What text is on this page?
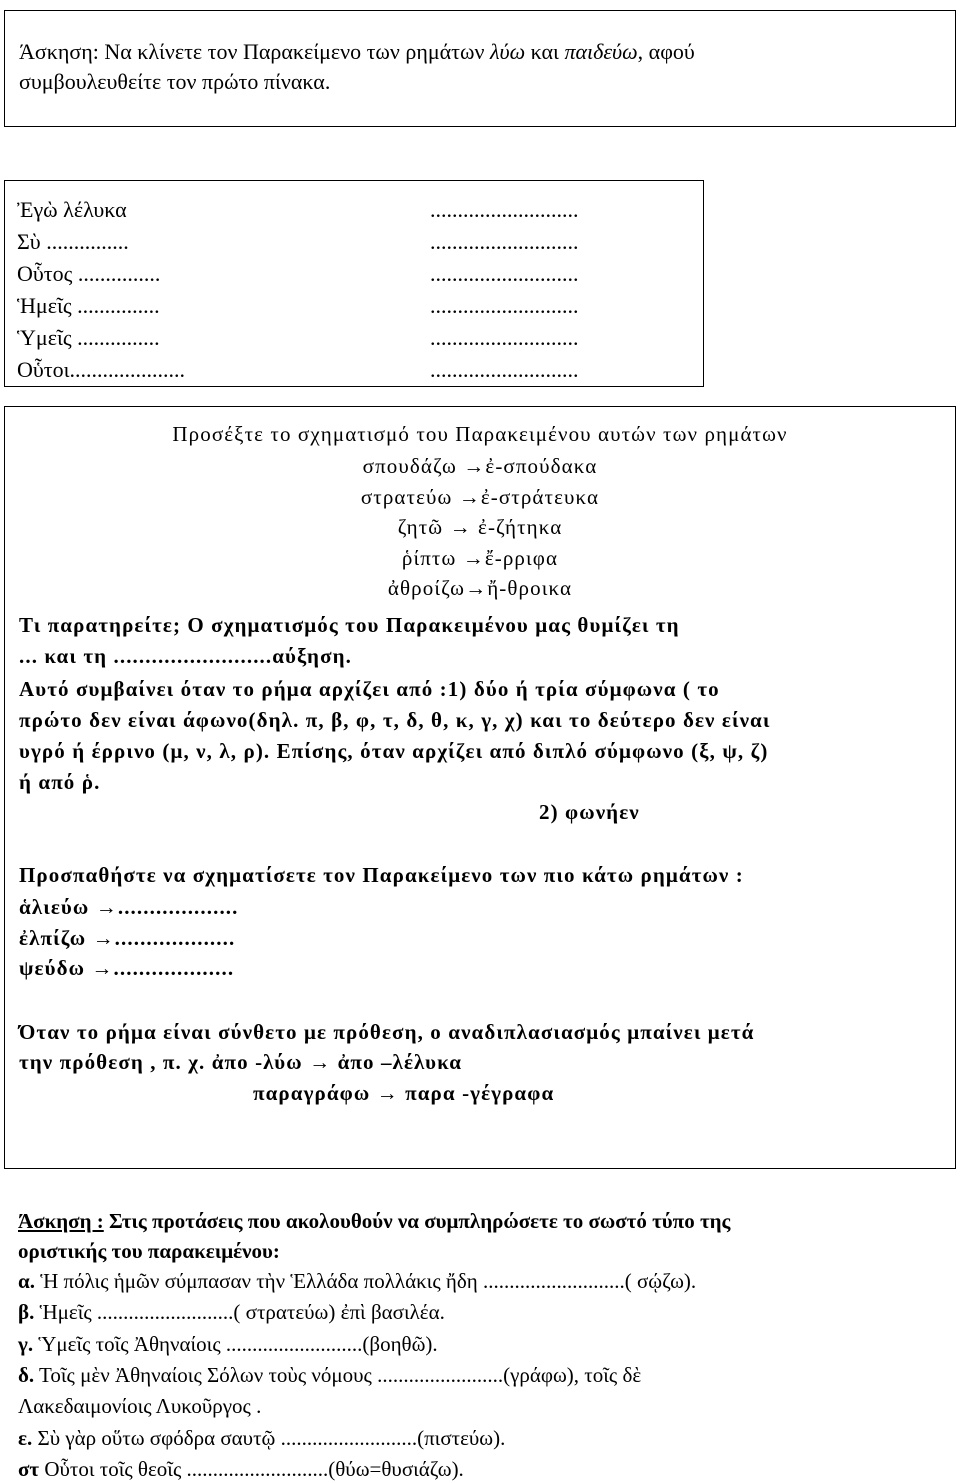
Άσκηση: Να κλίνετε τον Παρακείμενο των ρημάτων λύω και παιδεύω, αφού
συμβουλευθείτε τον πρώτο πίνακα.
Ἐγὼ λέλυκα	...........................
Σὺ ...............	...........................
Οὗτος ...............	...........................
Ἡμεῖς ...............	...........................
Ὑμεῖς ...............	...........................
Οὗτοι.....................	...........................
Προσέξτε το σχηματισμό του Παρακειμένου αυτών των ρημάτων
σπουδάζω →ἐ-σπούδακα
στρατεύω →ἐ-στράτευκα
ζητῶ → ἐ-ζήτηκα
ῥίπτω →ἔ-ρριφα
ἀθροίζω→ἤ-θροικα
Τι παρατηρείτε; Ο σχηματισμός του Παρακειμένου μας θυμίζει τη
... και τη .........................αύξηση.
Αυτό συμβαίνει όταν το ρήμα αρχίζει από :1) δύο ή τρία σύμφωνα ( το
πρώτο δεν είναι άφωνο(δηλ. π, β, φ, τ, δ, θ, κ, γ, χ) και το δεύτερο δεν είναι
υγρό ή έρρινο (μ, ν, λ, ρ). Επίσης, όταν αρχίζει από διπλό σύμφωνο (ξ, ψ, ζ)
ή από ῥ.
2) φωνήεν
Προσπαθήστε να σχηματίσετε τον Παρακείμενο των πιο κάτω ρημάτων :
ἁλιεύω →...................
ἐλπίζω →...................
ψεύδω →...................
Όταν το ρήμα είναι σύνθετο με πρόθεση, ο αναδιπλασιασμός μπαίνει μετά
την πρόθεση , π. χ. ἀπο -λύω → ἀπο –λέλυκα
παραγράφω → παρα -γέγραφα
Άσκηση : Στις προτάσεις που ακολουθούν να συμπληρώσετε το σωστό τύπο της
οριστικής του παρακειμένου:
α. Ἡ πόλις ἡμῶν σύμπασαν τὴν Ἑλλάδα πολλάκις ἤδη ...........................( σῴζω).
β. Ἡμεῖς ..........................( στρατεύω) ἐπὶ βασιλέα.
γ. Ὑμεῖς τοῖς Ἀθηναίοις ..........................(βοηθῶ).
δ. Τοῖς μὲν Ἀθηναίοις Σόλων τοὺς νόμους ........................(γράφω), τοῖς δὲ
Λακεδαιμονίοις Λυκοῦργος .
ε. Σὺ γὰρ οὕτω σφόδρα σαυτῷ ..........................(πιστεύω).
στ Οὗτοι τοῖς θεοῖς ...........................(θύω=θυσιάζω).
